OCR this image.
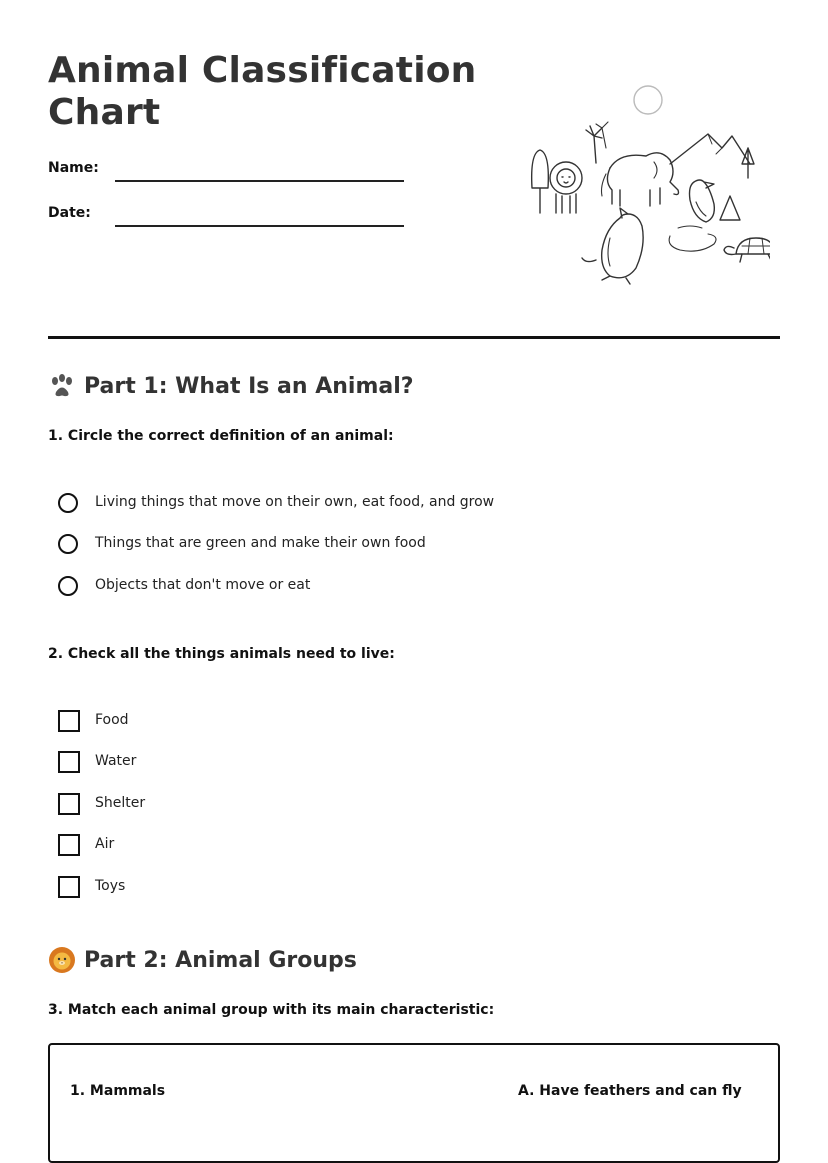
Animal Classification Chart
Name:
Date:
Part 1: What Is an Animal?
1. Circle the correct definition of an animal:
Living things that move on their own, eat food, and grow
Things that are green and make their own food
Objects that don't move or eat
2. Check all the things animals need to live:
Food
Water
Shelter
Air
Toys
Part 2: Animal Groups
3. Match each animal group with its main characteristic:
1. Mammals	A. Have feathers and can fly
